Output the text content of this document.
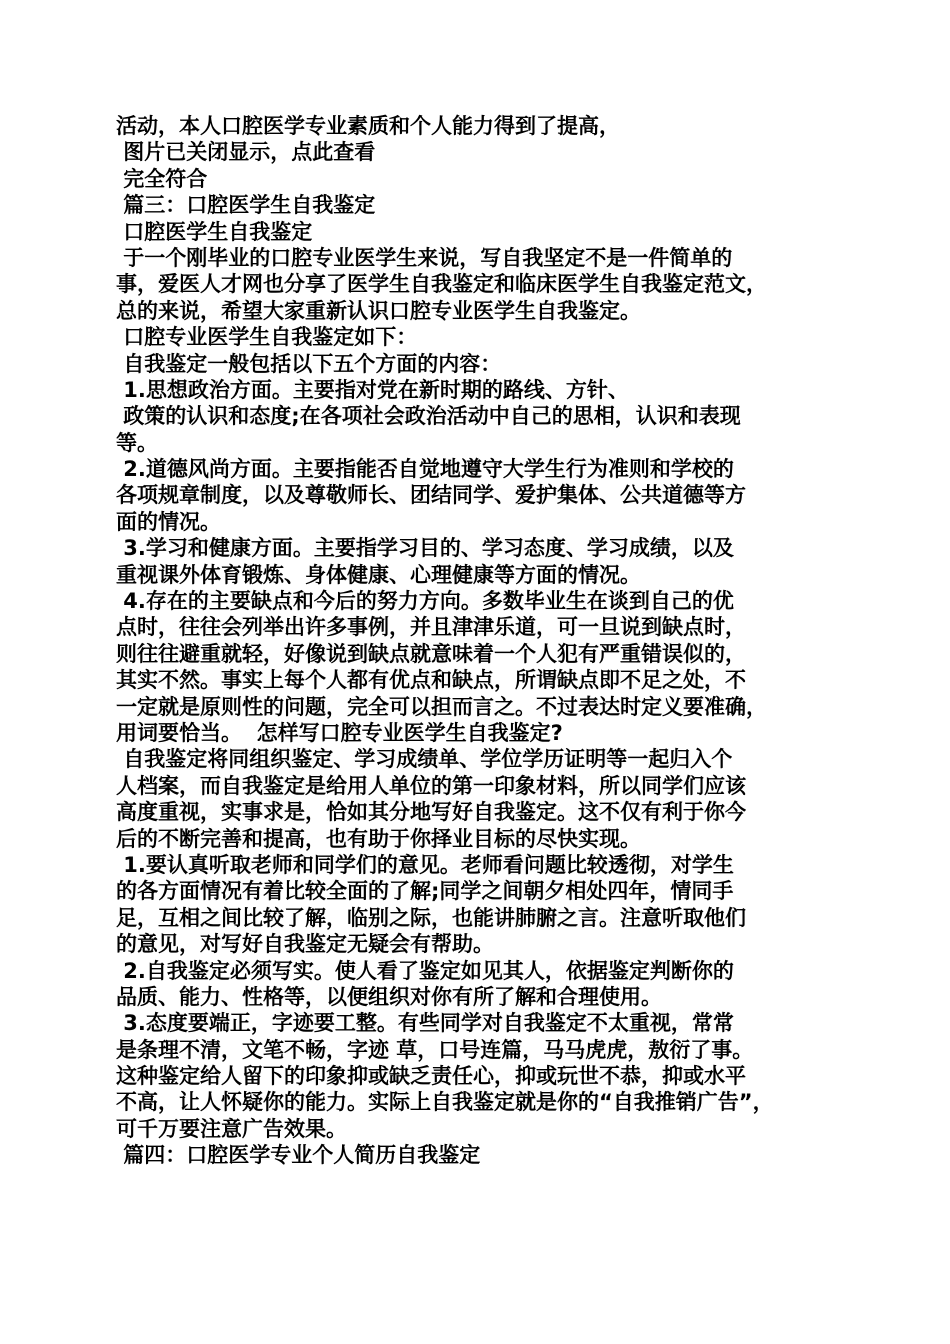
活动，本人口腔医学专业素质和个人能力得到了提高，
图片已关闭显示，点此查看
完全符合
篇三：口腔医学生自我鉴定
口腔医学生自我鉴定
于一个刚毕业的口腔专业医学生来说，写自我坚定不是一件简单的
事，爱医人才网也分享了医学生自我鉴定和临床医学生自我鉴定范文，
总的来说，希望大家重新认识口腔专业医学生自我鉴定。
口腔专业医学生自我鉴定如下：
自我鉴定一般包括以下五个方面的内容：
1.思想政治方面。主要指对党在新时期的路线、方针、
政策的认识和态度;在各项社会政治活动中自己的思相，认识和表现
等。
2.道德风尚方面。主要指能否自觉地遵守大学生行为准则和学校的
各项规章制度，以及尊敬师长、团结同学、爱护集体、公共道德等方
面的情况。
3.学习和健康方面。主要指学习目的、学习态度、学习成绩，以及
重视课外体育锻炼、身体健康、心理健康等方面的情况。
4.存在的主要缺点和今后的努力方向。多数毕业生在谈到自己的优
点时，往往会列举出许多事例，并且津津乐道，可一旦说到缺点时，
则往往避重就轻，好像说到缺点就意味着一个人犯有严重错误似的，
其实不然。事实上每个人都有优点和缺点，所谓缺点即不足之处，不
一定就是原则性的问题，完全可以担而言之。不过表达时定义要准确，
用词要恰当。  怎样写口腔专业医学生自我鉴定?
自我鉴定将同组织鉴定、学习成绩单、学位学历证明等一起归入个
人档案，而自我鉴定是给用人单位的第一印象材料，所以同学们应该
高度重视，实事求是，恰如其分地写好自我鉴定。这不仅有利于你今
后的不断完善和提高，也有助于你择业目标的尽快实现。
1.要认真听取老师和同学们的意见。老师看问题比较透彻，对学生
的各方面情况有着比较全面的了解;同学之间朝夕相处四年，情同手
足，互相之间比较了解，临别之际，也能讲肺腑之言。注意听取他们
的意见，对写好自我鉴定无疑会有帮助。
2.自我鉴定必须写实。使人看了鉴定如见其人，依据鉴定判断你的
品质、能力、性格等，以便组织对你有所了解和合理使用。
3.态度要端正，字迹要工整。有些同学对自我鉴定不太重视，常常
是条理不清，文笔不畅，字迹 草，口号连篇，马马虎虎，敖衍了事。
这种鉴定给人留下的印象抑或缺乏责任心，抑或玩世不恭，抑或水平
不高，让人怀疑你的能力。实际上自我鉴定就是你的“自我推销广告”，
可千万要注意广告效果。
篇四：口腔医学专业个人简历自我鉴定
